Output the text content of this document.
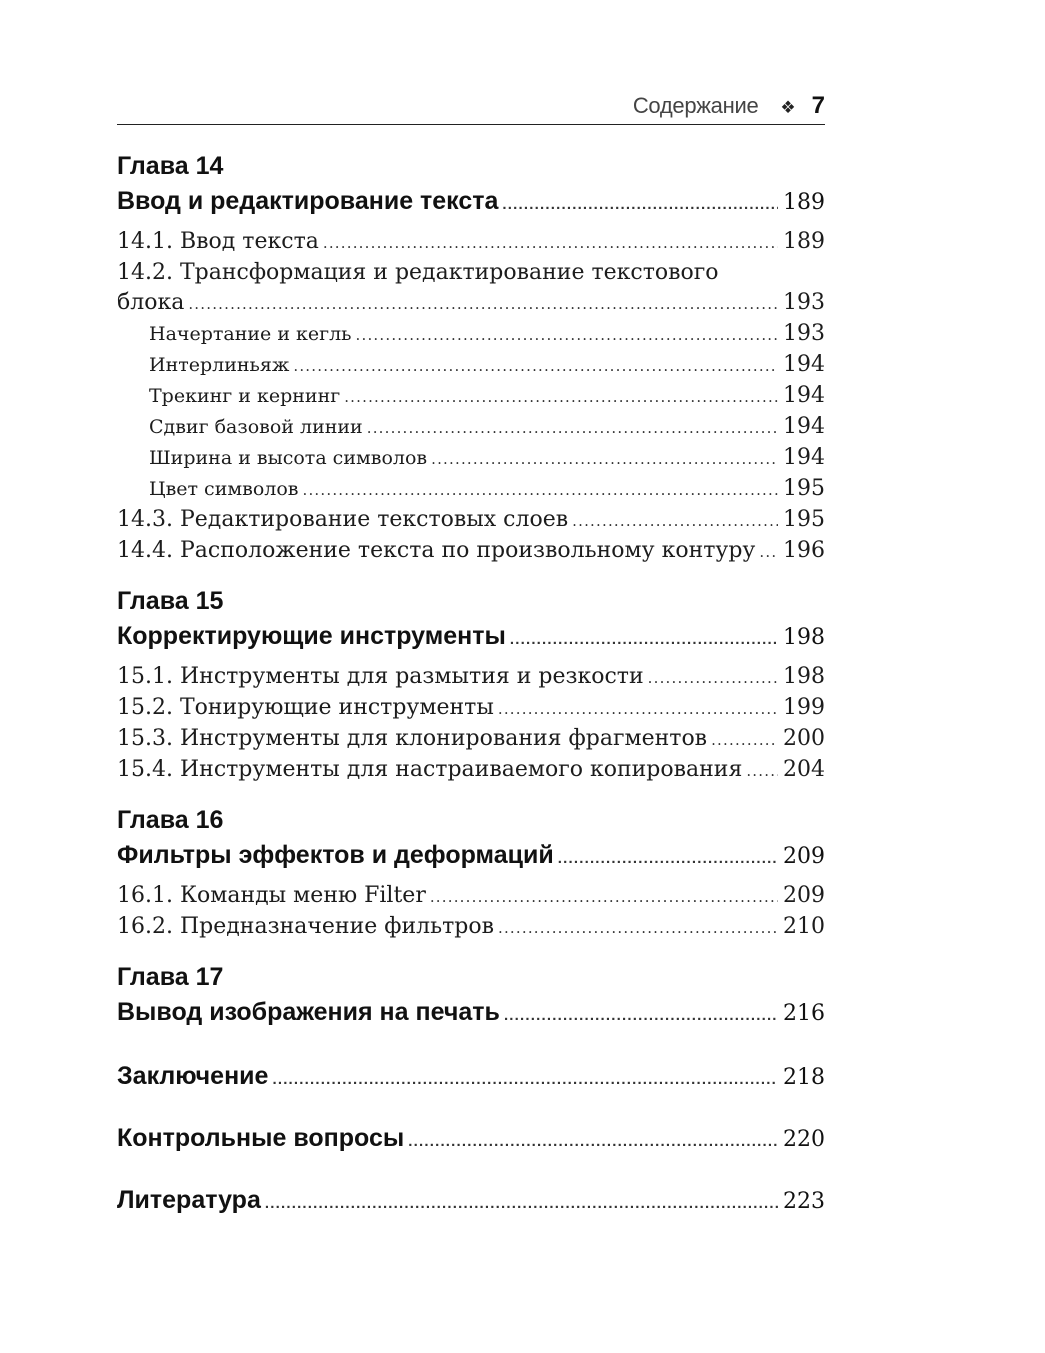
Содержание ❖ 7
Глава 14
Ввод и редактирование текста .....	189
14.1. Ввод текста .....	189
14.2. Трансформация и редактирование текстового
блока .....	193
Начертание и кегль .....	193
Интерлиньяж .....	194
Трекинг и кернинг .....	194
Сдвиг базовой линии .....	194
Ширина и высота символов .....	194
Цвет символов .....	195
14.3. Редактирование текстовых слоев .....	195
14.4. Расположение текста по произвольному контуру ..... 196
Глава 15
Корректирующие инструменты .....	198
15.1. Инструменты для размытия и резкости .....	198
15.2. Тонирующие инструменты .....	199
15.3. Инструменты для клонирования фрагментов .....	200
15.4. Инструменты для настраиваемого копирования ..... 204
Глава 16
Фильтры эффектов и деформаций .....	209
16.1. Команды меню Filter .....	209
16.2. Предназначение фильтров .....	210
Глава 17
Вывод изображения на печать .....	216
Заключение .....	218
Контрольные вопросы .....	220
Литература .....	223
